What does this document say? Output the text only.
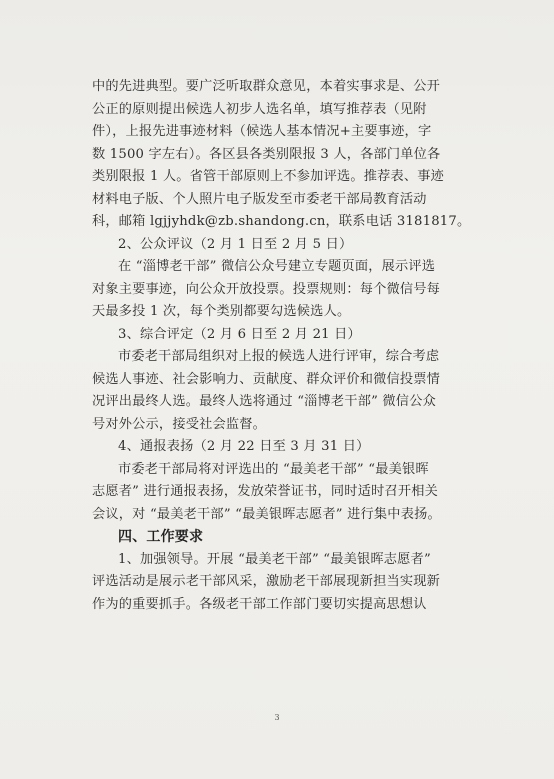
中的先进典型。要广泛听取群众意见，本着实事求是、公开
公正的原则提出候选人初步人选名单，填写推荐表（见附
件），上报先进事迹材料（候选人基本情况+主要事迹，字
数 1500 字左右）。各区县各类别限报 3 人，各部门单位各
类别限报 1 人。省管干部原则上不参加评选。推荐表、事迹
材料电子版、个人照片电子版发至市委老干部局教育活动
科，邮箱 lgjjyhdk@zb.shandong.cn，联系电话 3181817。
2、公众评议（2 月 1 日至 2 月 5 日）
在 “淄博老干部” 微信公众号建立专题页面，展示评选
对象主要事迹，向公众开放投票。投票规则：每个微信号每
天最多投 1 次，每个类别都要勾选候选人。
3、综合评定（2 月 6 日至 2 月 21 日）
市委老干部局组织对上报的候选人进行评审，综合考虑
候选人事迹、社会影响力、贡献度、群众评价和微信投票情
况评出最终人选。最终人选将通过 “淄博老干部” 微信公众
号对外公示，接受社会监督。
4、通报表扬（2 月 22 日至 3 月 31 日）
市委老干部局将对评选出的 “最美老干部” “最美银晖
志愿者” 进行通报表扬，发放荣誉证书，同时适时召开相关
会议，对 “最美老干部” “最美银晖志愿者” 进行集中表扬。
四、工作要求
1、加强领导。开展 “最美老干部” “最美银晖志愿者”
评选活动是展示老干部风采，激励老干部展现新担当实现新
作为的重要抓手。各级老干部工作部门要切实提高思想认
3
